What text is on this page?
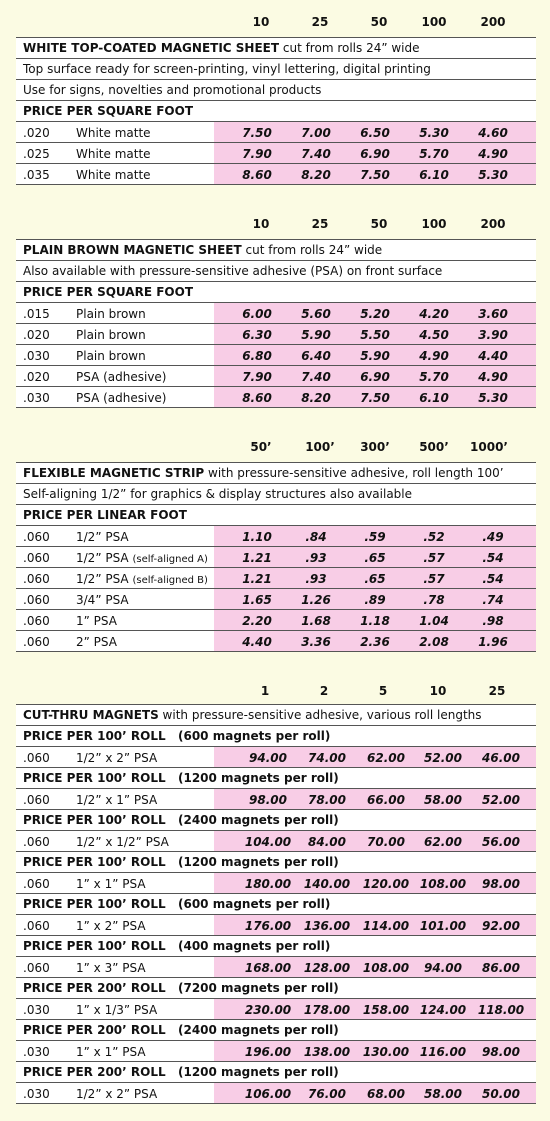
10	25	50	100	200
WHITE TOP-COATED MAGNETIC SHEET cut from rolls 24” wide
Top surface ready for screen-printing, vinyl lettering, digital printing
Use for signs, novelties and promotional products
PRICE PER SQUARE FOOT
.020 White matte	7.50	7.00	6.50	5.30	4.60
.025 White matte	7.90	7.40	6.90	5.70	4.90
.035 White matte	8.60	8.20	7.50	6.10	5.30
10	25	50	100	200
PLAIN BROWN MAGNETIC SHEET cut from rolls 24” wide
Also available with pressure-sensitive adhesive (PSA) on front surface
PRICE PER SQUARE FOOT
.015 Plain brown	6.00	5.60	5.20	4.20	3.60
.020 Plain brown	6.30	5.90	5.50	4.50	3.90
.030 Plain brown	6.80	6.40	5.90	4.90	4.40
.020 PSA (adhesive)	7.90	7.40	6.90	5.70	4.90
.030 PSA (adhesive)	8.60	8.20	7.50	6.10	5.30
50’	100’	300’	500’	1000’
FLEXIBLE MAGNETIC STRIP with pressure-sensitive adhesive, roll length 100’
Self-aligning 1/2” for graphics & display structures also available
PRICE PER LINEAR FOOT
.060 1/2” PSA	1.10	.84	.59	.52	.49
.060 1/2” PSA (self-aligned A)	1.21	.93	.65	.57	.54
.060 1/2” PSA (self-aligned B)	1.21	.93	.65	.57	.54
.060 3/4” PSA	1.65	1.26	.89	.78	.74
.060 1” PSA	2.20	1.68	1.18	1.04	.98
.060 2” PSA	4.40	3.36	2.36	2.08	1.96
1	2	5	10	25
CUT-THRU MAGNETS with pressure-sensitive adhesive, various roll lengths
PRICE PER 100’ ROLL (600 magnets per roll)
.060 1/2” x 2” PSA	94.00	74.00	62.00	52.00	46.00
PRICE PER 100’ ROLL (1200 magnets per roll)
.060 1/2” x 1” PSA	98.00	78.00	66.00	58.00	52.00
PRICE PER 100’ ROLL (2400 magnets per roll)
.060 1/2” x 1/2” PSA	104.00	84.00	70.00	62.00	56.00
PRICE PER 100’ ROLL (1200 magnets per roll)
.060 1” x 1” PSA	180.00	140.00	120.00 108.00	98.00
PRICE PER 100’ ROLL (600 magnets per roll)
.060 1” x 2” PSA	176.00	136.00	114.00 101.00	92.00
PRICE PER 100’ ROLL (400 magnets per roll)
.060 1” x 3” PSA	168.00	128.00	108.00	94.00	86.00
PRICE PER 200’ ROLL (7200 magnets per roll)
.030 1” x 1/3” PSA	230.00	178.00	158.00 124.00 118.00
PRICE PER 200’ ROLL (2400 magnets per roll)
.030 1” x 1” PSA	196.00	138.00	130.00 116.00	98.00
PRICE PER 200’ ROLL (1200 magnets per roll)
.030 1/2” x 2” PSA	106.00	76.00	68.00	58.00	50.00
